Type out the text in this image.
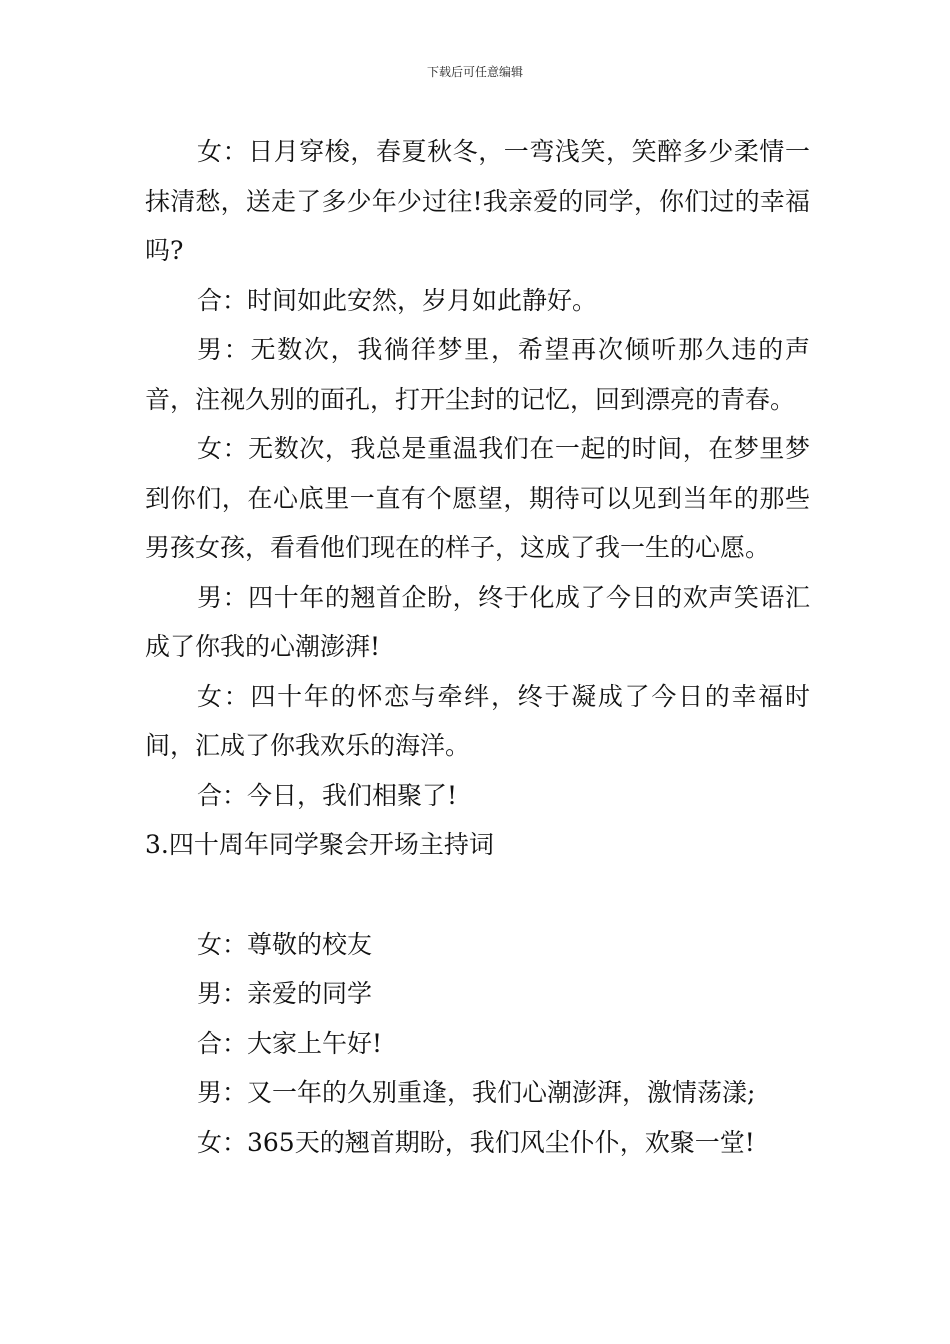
下载后可任意编辑

女：日月穿梭，春夏秋冬，一弯浅笑，笑醉多少柔情一抹清愁，送走了多少年少过往!我亲爱的同学，你们过的幸福吗?

合：时间如此安然，岁月如此静好。

男：无数次，我徜徉梦里，希望再次倾听那久违的声音，注视久别的面孔，打开尘封的记忆，回到漂亮的青春。

女：无数次，我总是重温我们在一起的时间，在梦里梦到你们，在心底里一直有个愿望，期待可以见到当年的那些男孩女孩，看看他们现在的样子，这成了我一生的心愿。

男：四十年的翘首企盼，终于化成了今日的欢声笑语汇成了你我的心潮澎湃!

女：四十年的怀恋与牵绊，终于凝成了今日的幸福时间，汇成了你我欢乐的海洋。

合：今日，我们相聚了!

3.四十周年同学聚会开场主持词

女：尊敬的校友

男：亲爱的同学

合：大家上午好!

男：又一年的久别重逢，我们心潮澎湃，激情荡漾;

女：365天的翘首期盼，我们风尘仆仆，欢聚一堂!
